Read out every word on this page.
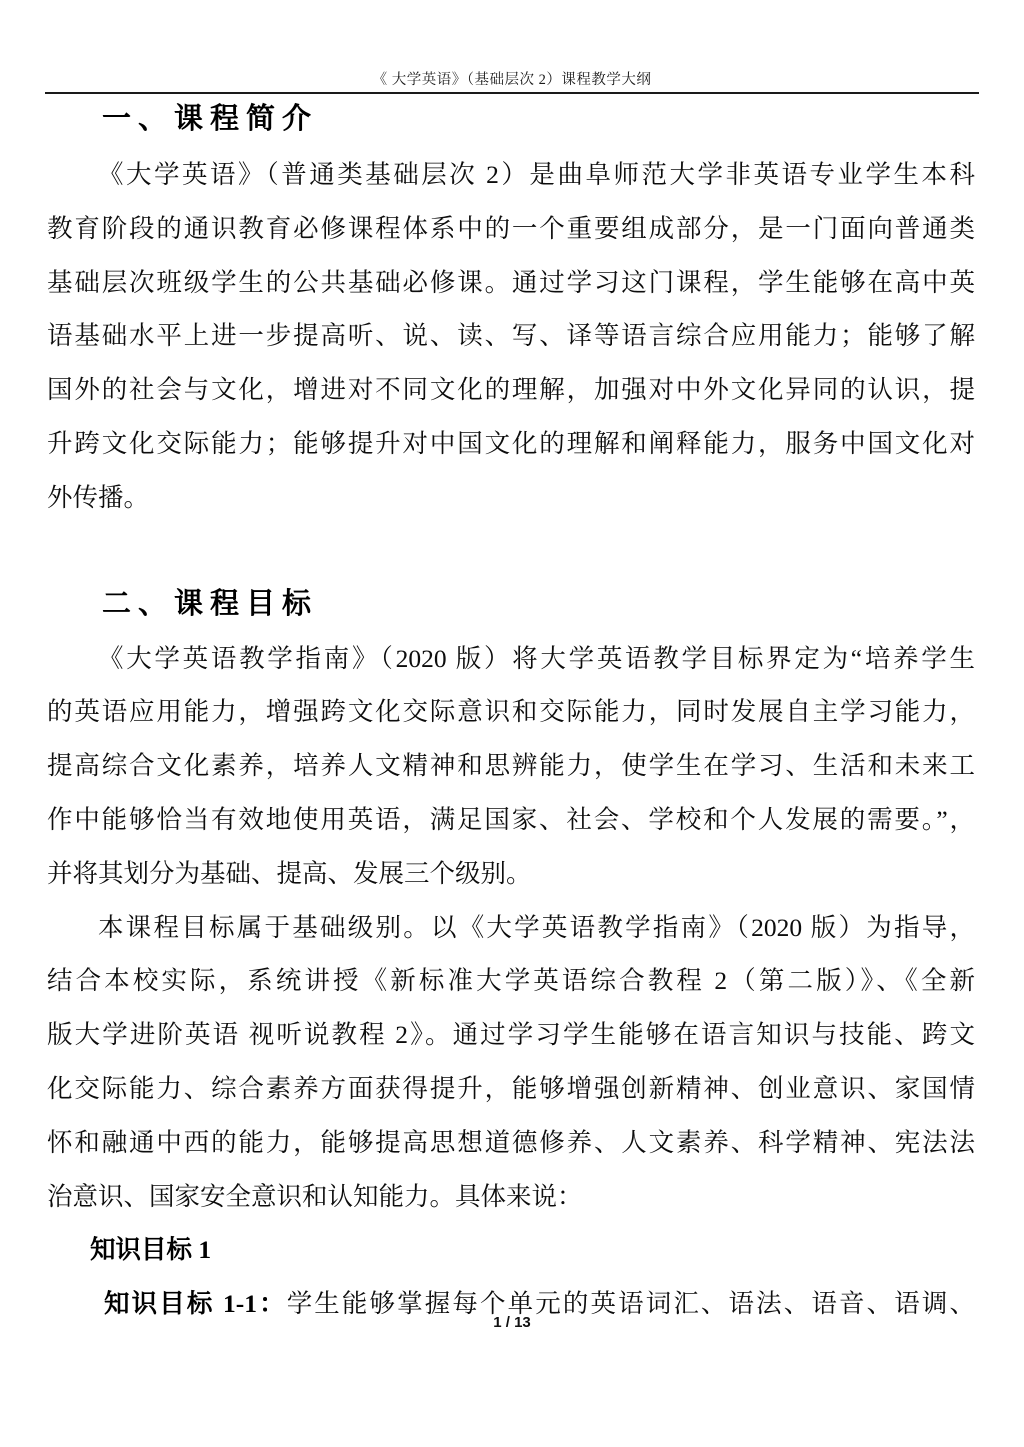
《 大学英语》（基础层次 2）课程教学大纲
一、课程简介
《大学英语》（普通类基础层次 2）是曲阜师范大学非英语专业学生本科
教育阶段的通识教育必修课程体系中的一个重要组成部分，是一门面向普通类
基础层次班级学生的公共基础必修课。通过学习这门课程，学生能够在高中英
语基础水平上进一步提高听、说、读、写、译等语言综合应用能力；能够了解
国外的社会与文化，增进对不同文化的理解，加强对中外文化异同的认识，提
升跨文化交际能力；能够提升对中国文化的理解和阐释能力，服务中国文化对
外传播。
二、课程目标
《大学英语教学指南》（2020 版）将大学英语教学目标界定为“培养学生
的英语应用能力，增强跨文化交际意识和交际能力，同时发展自主学习能力，
提高综合文化素养，培养人文精神和思辨能力，使学生在学习、生活和未来工
作中能够恰当有效地使用英语，满足国家、社会、学校和个人发展的需要。”，
并将其划分为基础、提高、发展三个级别。
本课程目标属于基础级别。以《大学英语教学指南》（2020 版）为指导，
结合本校实际，系统讲授《新标准大学英语综合教程 2（第二版）》、《全新
版大学进阶英语 视听说教程 2》。通过学习学生能够在语言知识与技能、跨文
化交际能力、综合素养方面获得提升，能够增强创新精神、创业意识、家国情
怀和融通中西的能力，能够提高思想道德修养、人文素养、科学精神、宪法法
治意识、国家安全意识和认知能力。具体来说：
知识目标 1
知识目标 1-1：学生能够掌握每个单元的英语词汇、语法、语音、语调、
1 / 13
